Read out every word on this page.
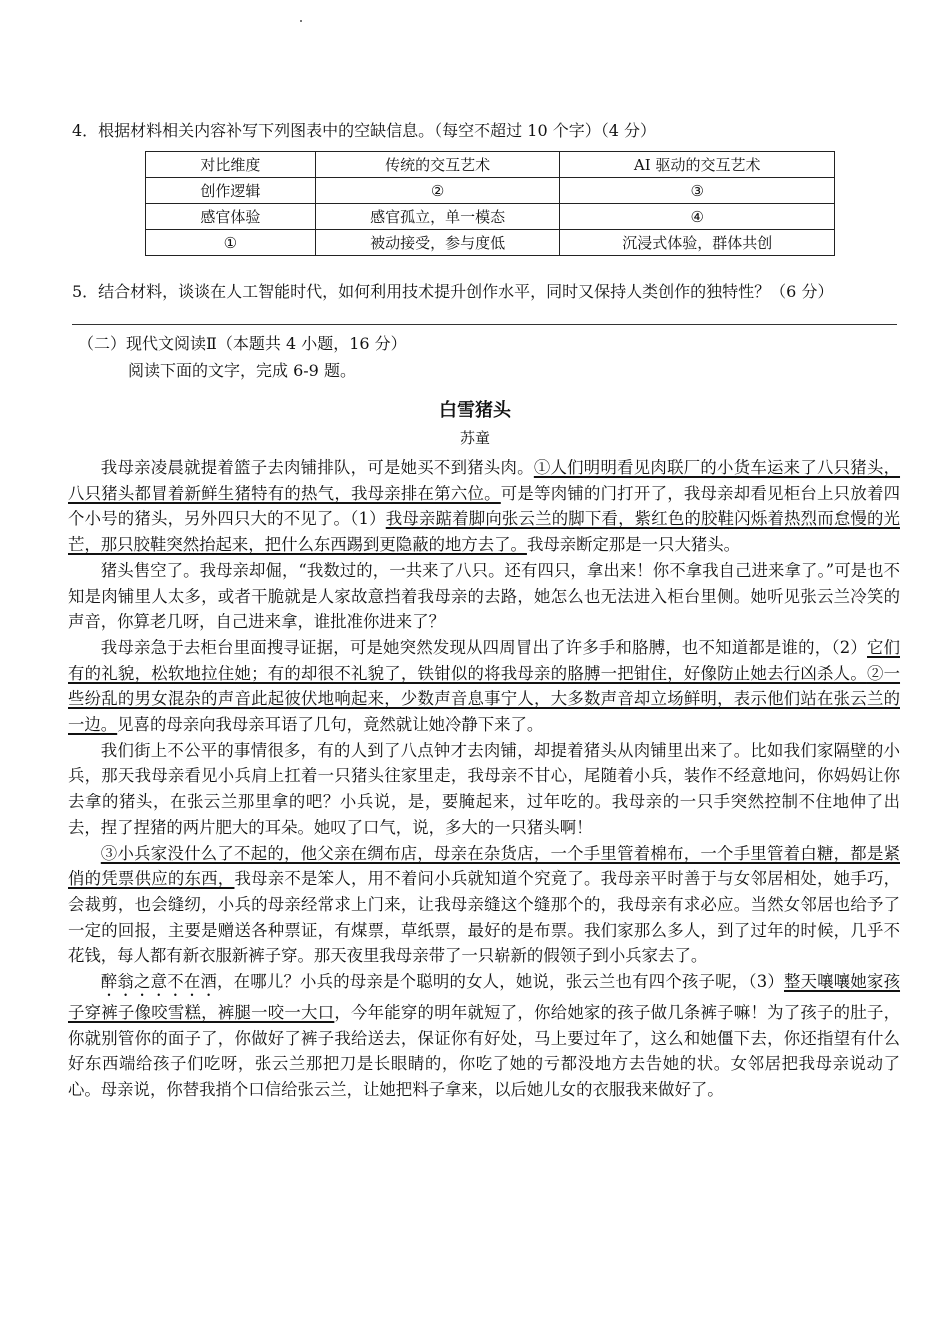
4．根据材料相关内容补写下列图表中的空缺信息。（每空不超过 10 个字）（4 分）
对比维度	传统的交互艺术	AI 驱动的交互艺术
创作逻辑	②	③
感官体验	感官孤立，单一模态	④
①	被动接受，参与度低	沉浸式体验，群体共创
5．结合材料，谈谈在人工智能时代，如何利用技术提升创作水平，同时又保持人类创作的独特性？（6 分）
（二）现代文阅读Ⅱ（本题共 4 小题，16 分）
阅读下面的文字，完成 6-9 题。
白雪猪头
苏童

我母亲凌晨就提着篮子去肉铺排队，可是她买不到猪头肉。①人们明明看见肉联厂的小货车运来了八只猪头，八只猪头都冒着新鲜生猪特有的热气，我母亲排在第六位。可是等肉铺的门打开了，我母亲却看见柜台上只放着四个小号的猪头，另外四只大的不见了。（1）我母亲踮着脚向张云兰的脚下看，紫红色的胶鞋闪烁着热烈而怠慢的光芒，那只胶鞋突然抬起来，把什么东西踢到更隐蔽的地方去了。我母亲断定那是一只大猪头。

猪头售空了。我母亲却倔，“我数过的，一共来了八只。还有四只，拿出来！你不拿我自己进来拿了。”可是也不知是肉铺里人太多，或者干脆就是人家故意挡着我母亲的去路，她怎么也无法进入柜台里侧。她听见张云兰冷笑的声音，你算老几呀，自己进来拿，谁批准你进来了？

我母亲急于去柜台里面搜寻证据，可是她突然发现从四周冒出了许多手和胳膊，也不知道都是谁的，（2）它们有的礼貌，松软地拉住她；有的却很不礼貌了，铁钳似的将我母亲的胳膊一把钳住，好像防止她去行凶杀人。②一些纷乱的男女混杂的声音此起彼伏地响起来，少数声音息事宁人，大多数声音却立场鲜明，表示他们站在张云兰的一边。见喜的母亲向我母亲耳语了几句，竟然就让她冷静下来了。

我们街上不公平的事情很多，有的人到了八点钟才去肉铺，却提着猪头从肉铺里出来了。比如我们家隔壁的小兵，那天我母亲看见小兵肩上扛着一只猪头往家里走，我母亲不甘心，尾随着小兵，装作不经意地问，你妈妈让你去拿的猪头，在张云兰那里拿的吧？小兵说，是，要腌起来，过年吃的。我母亲的一只手突然控制不住地伸了出去，捏了捏猪的两片肥大的耳朵。她叹了口气，说，多大的一只猪头啊！

③小兵家没什么了不起的，他父亲在绸布店，母亲在杂货店，一个手里管着棉布，一个手里管着白糖，都是紧俏的凭票供应的东西，我母亲不是笨人，用不着问小兵就知道个究竟了。我母亲平时善于与女邻居相处，她手巧，会裁剪，也会缝纫，小兵的母亲经常求上门来，让我母亲缝这个缝那个的，我母亲有求必应。当然女邻居也给予了一定的回报，主要是赠送各种票证，有煤票，草纸票，最好的是布票。我们家那么多人，到了过年的时候，几乎不花钱，每人都有新衣服新裤子穿。那天夜里我母亲带了一只崭新的假领子到小兵家去了。

醉翁之意不在酒，在哪儿？小兵的母亲是个聪明的女人，她说，张云兰也有四个孩子呢，（3）整天嚷嚷她家孩子穿裤子像咬雪糕，裤腿一咬一大口，今年能穿的明年就短了，你给她家的孩子做几条裤子嘛！为了孩子的肚子，你就别管你的面子了，你做好了裤子我给送去，保证你有好处，马上要过年了，这么和她僵下去，你还指望有什么好东西端给孩子们吃呀，张云兰那把刀是长眼睛的，你吃了她的亏都没地方去告她的状。女邻居把我母亲说动了心。母亲说，你替我捎个口信给张云兰，让她把料子拿来，以后她儿女的衣服我来做好了。
